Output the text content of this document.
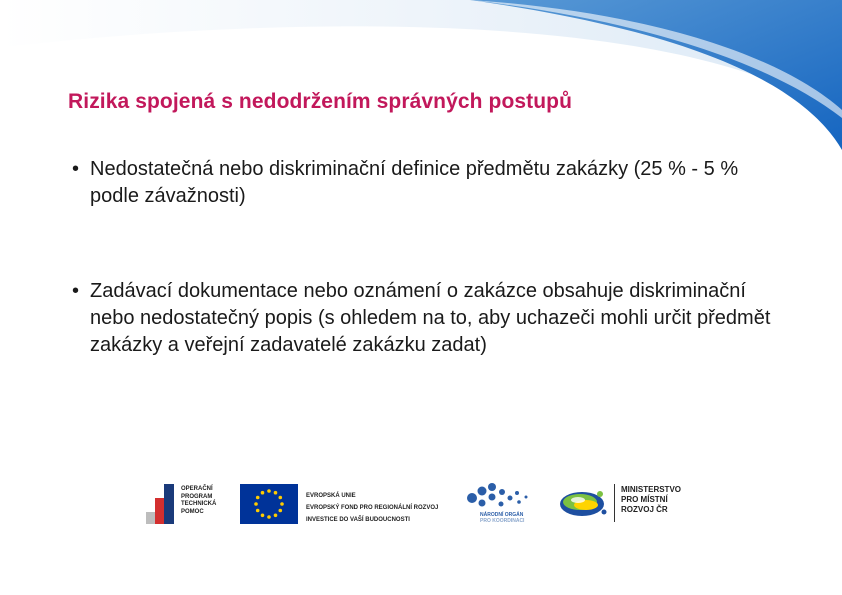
Rizika spojená s nedodržením správných postupů
• Nedostatečná nebo diskriminační definice předmětu zakázky (25 % - 5 % podle závažnosti)
• Zadávací dokumentace nebo oznámení o zakázce obsahuje diskriminační nebo nedostatečný popis (s ohledem na to, aby uchazeči mohli určit předmět zakázky a veřejní zadavatelé zakázku zadat)
OPERAČNÍ
PROGRAM
TECHNICKÁ
POMOC
EVROPSKÁ UNIE
EVROPSKÝ FOND PRO REGIONÁLNÍ ROZVOJ
INVESTICE DO VAŠÍ BUDOUCNOSTI
NÁRODNÍ ORGÁN
PRO KOORDINACI
MINISTERSTVO
PRO MÍSTNÍ
ROZVOJ ČR
